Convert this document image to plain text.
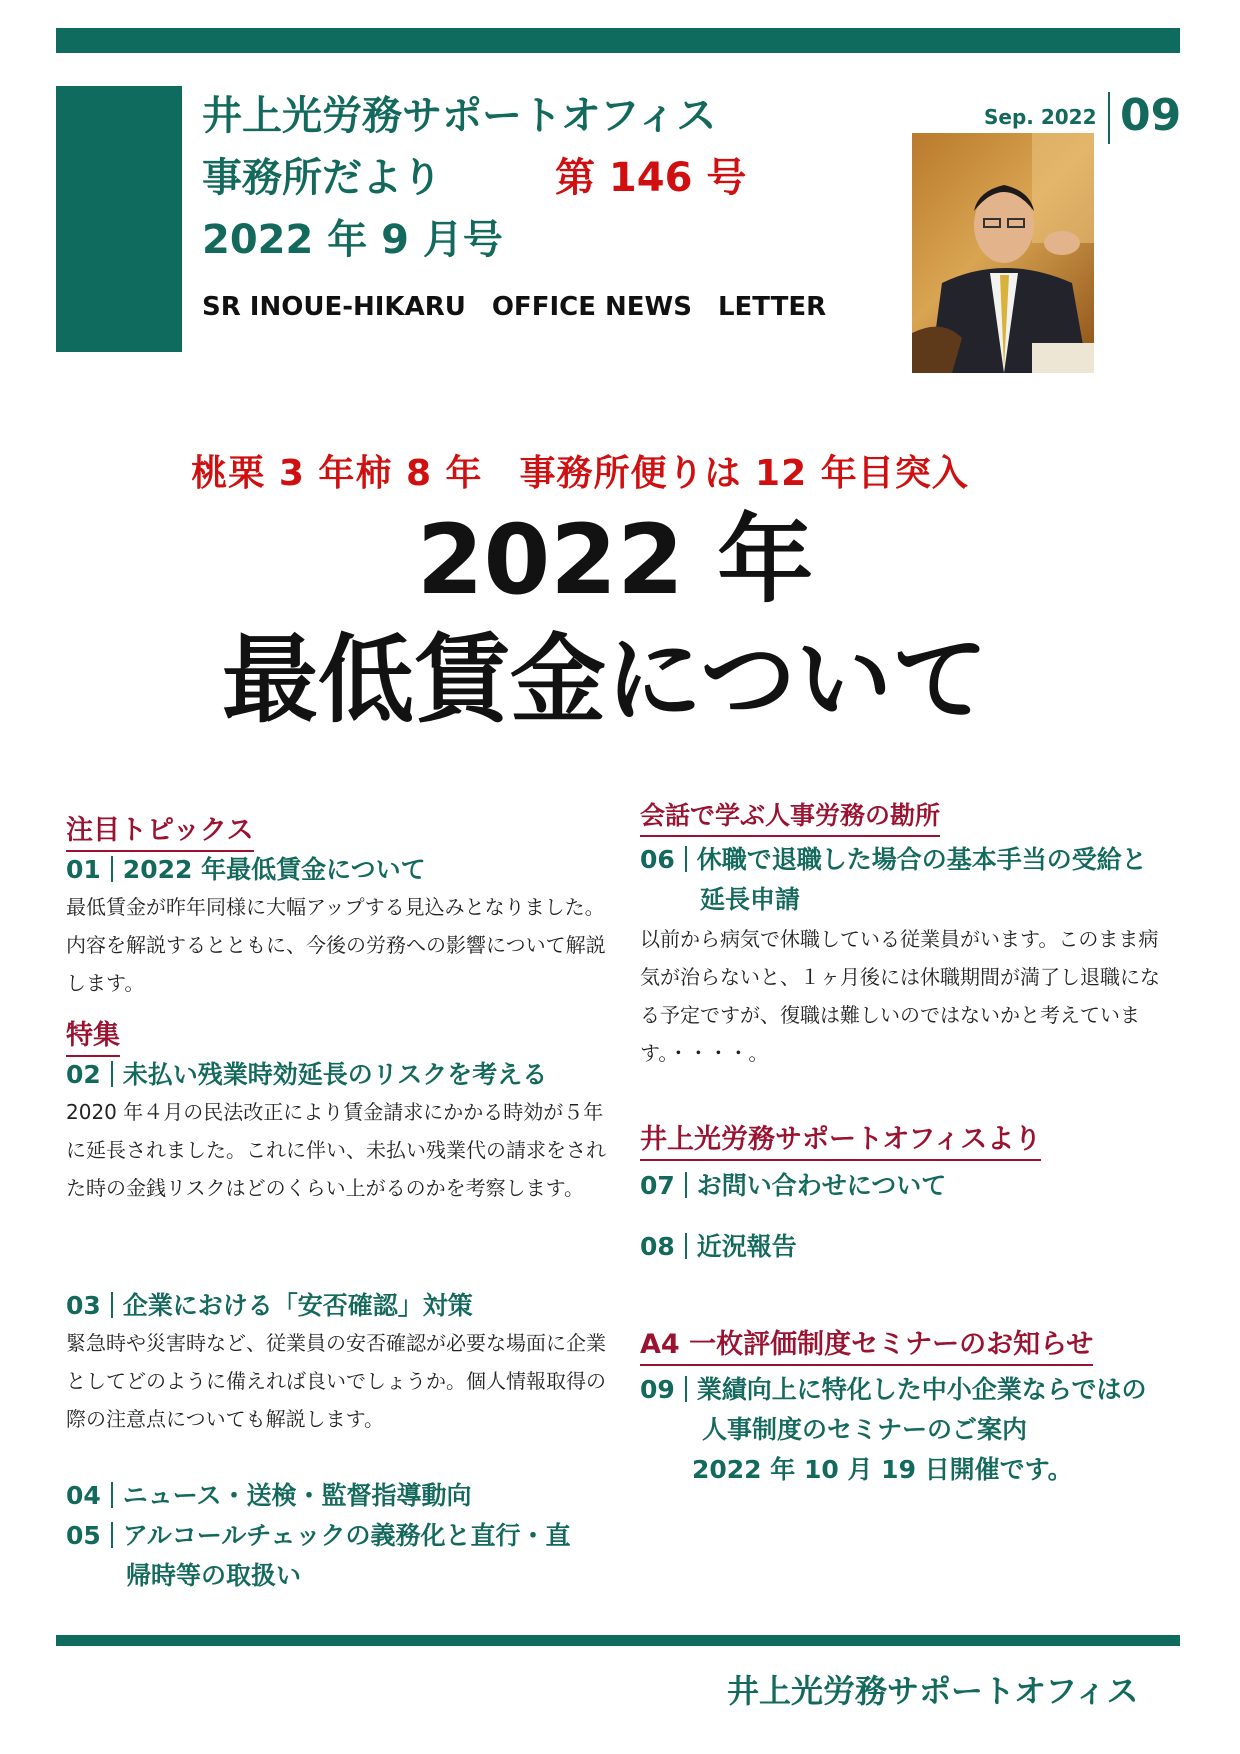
井上光労務サポートオフィス
事務所だより	第 146 号
2022 年 9 月号
SR INOUE-HIKARU　OFFICE NEWS　LETTER
Sep. 2022 09
桃栗 3 年柿 8 年　事務所便りは 12 年目突入
2022 年
最低賃金について
注目トピックス
01 2022 年最低賃金について
最低賃金が昨年同様に大幅アップする見込みとなりました。内容を解説するとともに、今後の労務への影響について解説します。
特集
02 未払い残業時効延長のリスクを考える
2020 年４月の民法改正により賃金請求にかかる時効が５年に延長されました。これに伴い、未払い残業代の請求をされた時の金銭リスクはどのくらい上がるのかを考察します。
03 企業における「安否確認」対策
緊急時や災害時など、従業員の安否確認が必要な場面に企業としてどのように備えれば良いでしょうか。個人情報取得の際の注意点についても解説します。
04 ニュース・送検・監督指導動向
05 アルコールチェックの義務化と直行・直
帰時等の取扱い
会話で学ぶ人事労務の勘所
06 休職で退職した場合の基本手当の受給と
延長申請
以前から病気で休職している従業員がいます。このまま病気が治らないと、１ヶ月後には休職期間が満了し退職になる予定ですが、復職は難しいのではないかと考えています。・・・・。
井上光労務サポートオフィスより
07 お問い合わせについて
08 近況報告
A4 一枚評価制度セミナーのお知らせ
09 業績向上に特化した中小企業ならではの
人事制度のセミナーのご案内
2022 年 10 月 19 日開催です。
井上光労務サポートオフィス
